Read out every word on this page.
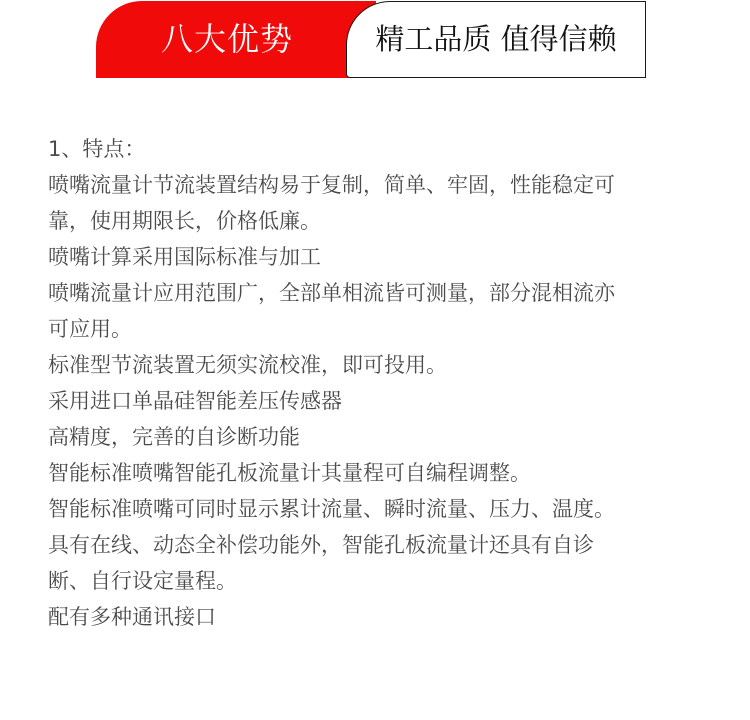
八大优势	精工品质 值得信赖
1、特点：
喷嘴流量计节流装置结构易于复制，简单、牢固，性能稳定可
靠，使用期限长，价格低廉。
喷嘴计算采用国际标准与加工
喷嘴流量计应用范围广，全部单相流皆可测量，部分混相流亦
可应用。
标准型节流装置无须实流校准，即可投用。
采用进口单晶硅智能差压传感器
高精度，完善的自诊断功能
智能标准喷嘴智能孔板流量计其量程可自编程调整。
智能标准喷嘴可同时显示累计流量、瞬时流量、压力、温度。
具有在线、动态全补偿功能外，智能孔板流量计还具有自诊
断、自行设定量程。
配有多种通讯接口
